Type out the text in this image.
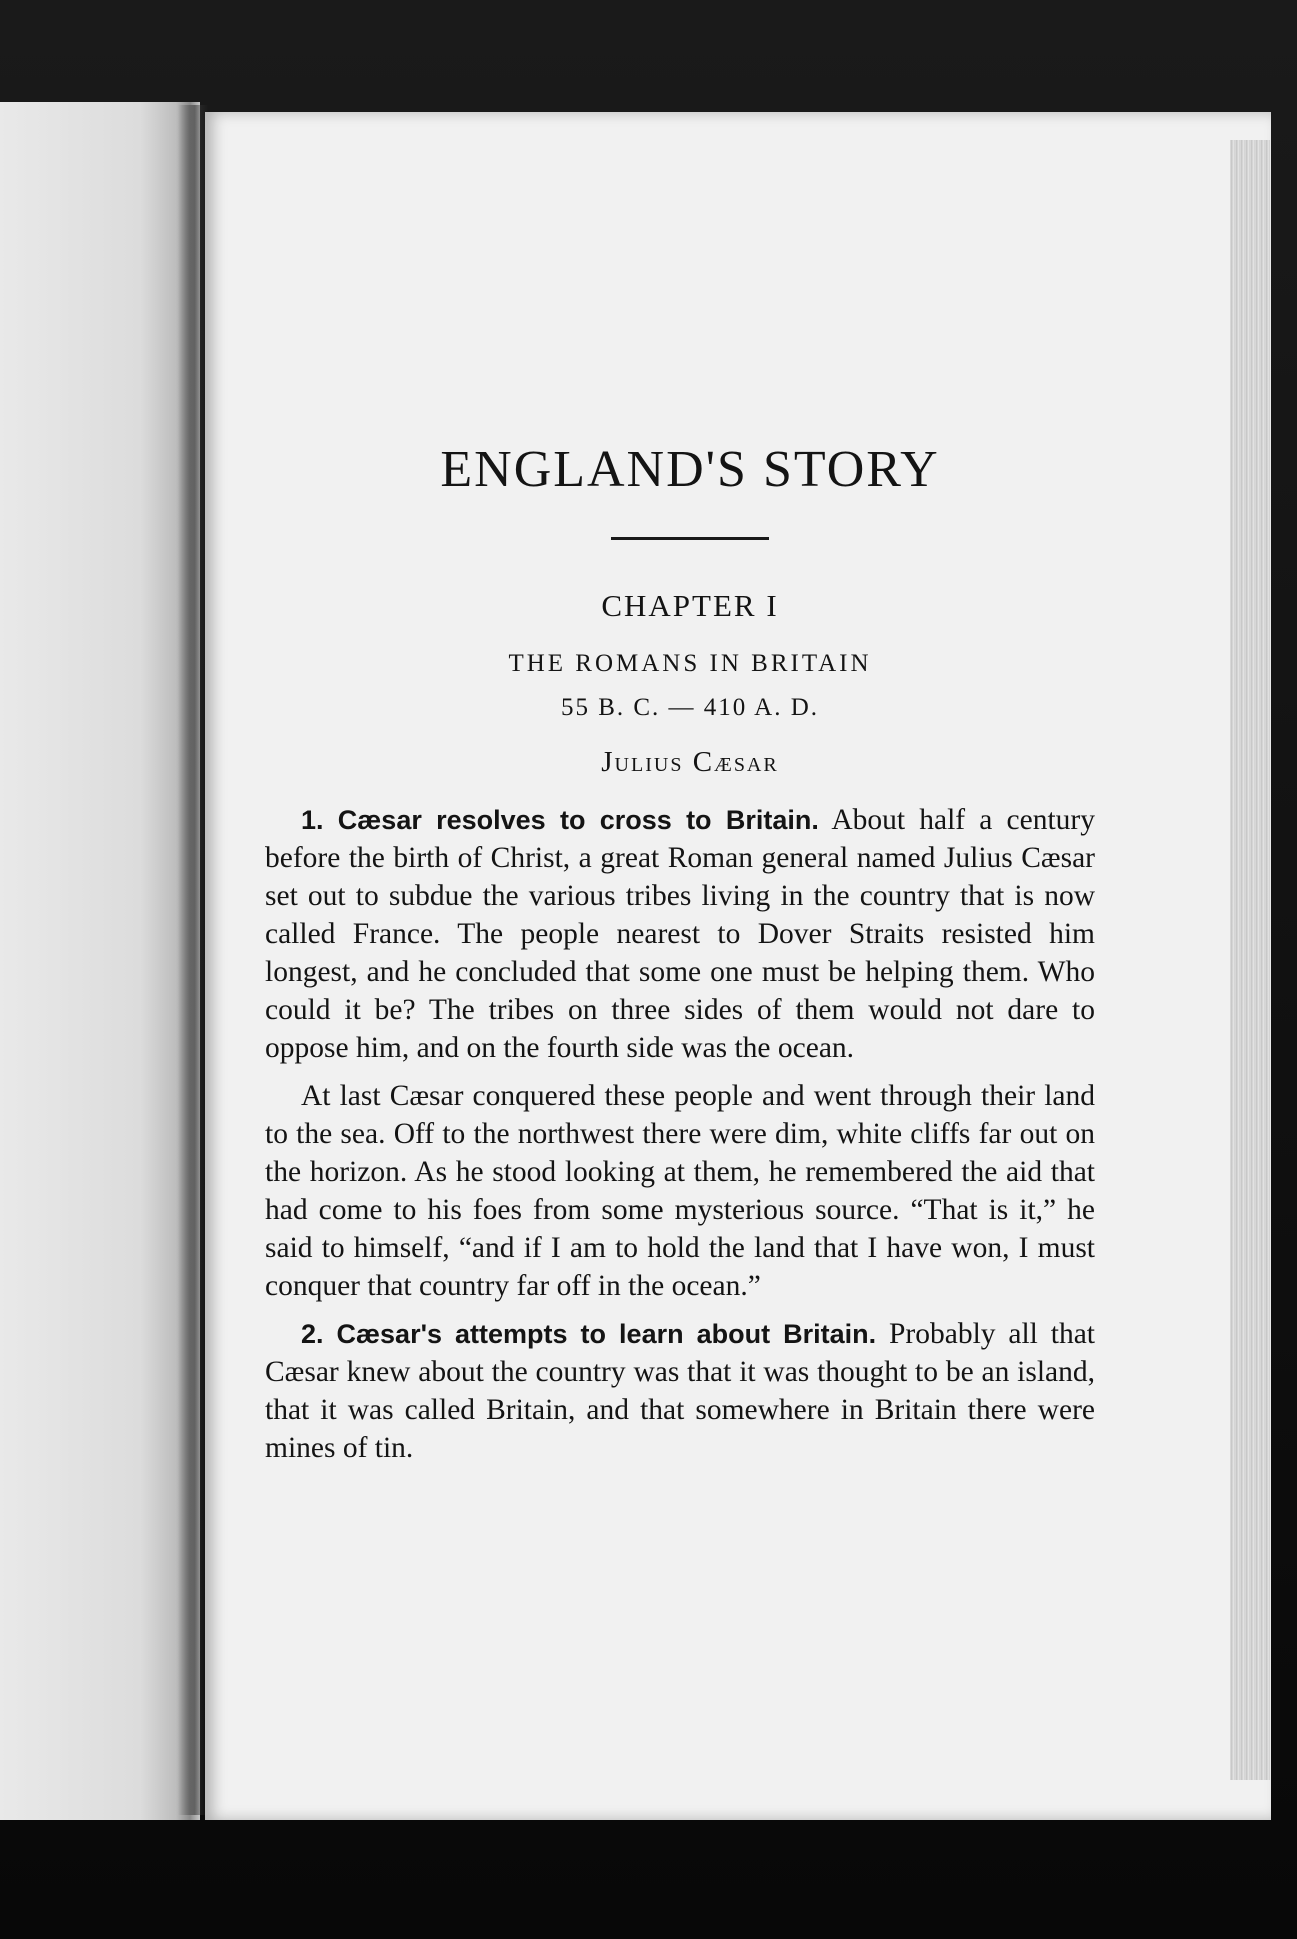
ENGLAND'S STORY
CHAPTER I
THE ROMANS IN BRITAIN
55 B. C. — 410 A. D.
Julius Cæsar

1. Cæsar resolves to cross to Britain. About half a century before the birth of Christ, a great Roman general named Julius Cæsar set out to subdue the various tribes living in the country that is now called France. The people nearest to Dover Straits resisted him longest, and he concluded that some one must be helping them. Who could it be? The tribes on three sides of them would not dare to oppose him, and on the fourth side was the ocean.

At last Cæsar conquered these people and went through their land to the sea. Off to the northwest there were dim, white cliffs far out on the horizon. As he stood looking at them, he remembered the aid that had come to his foes from some mysterious source. “That is it,” he said to himself, “and if I am to hold the land that I have won, I must conquer that country far off in the ocean.”

2. Cæsar's attempts to learn about Britain. Probably all that Cæsar knew about the country was that it was thought to be an island, that it was called Britain, and that somewhere in Britain there were mines of tin.
